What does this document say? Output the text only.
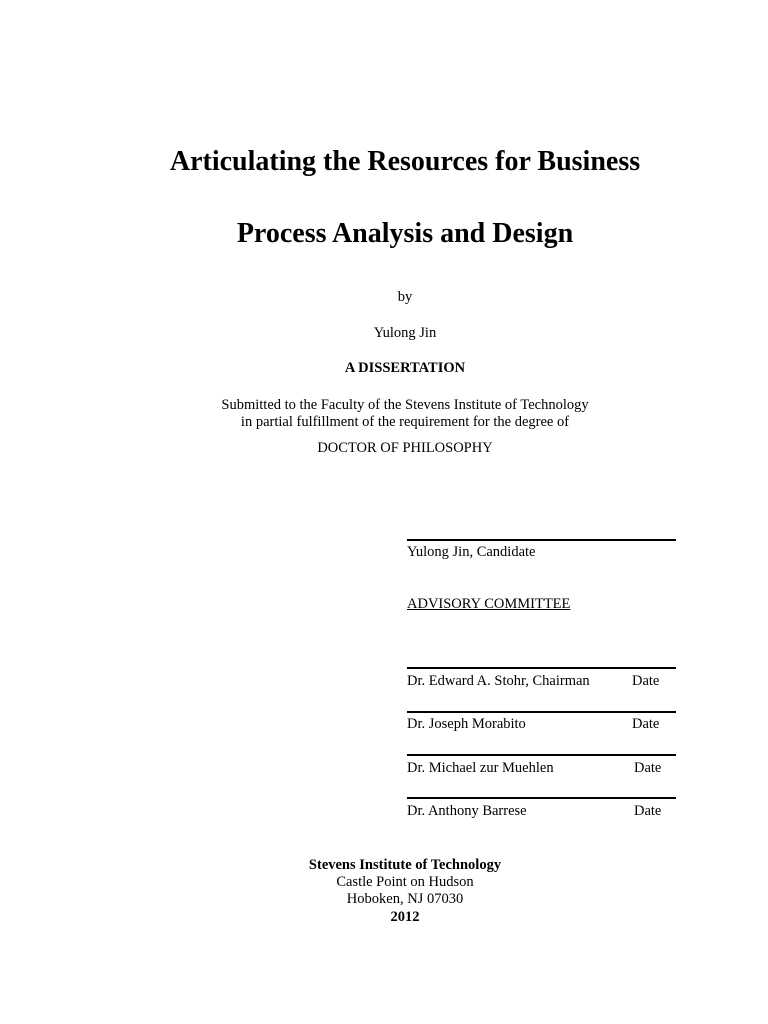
Articulating the Resources for Business
Process Analysis and Design
by
Yulong Jin
A DISSERTATION
Submitted to the Faculty of the Stevens Institute of Technology
in partial fulfillment of the requirement for the degree of
DOCTOR OF PHILOSOPHY
Yulong Jin, Candidate
ADVISORY COMMITTEE
Dr. Edward A. Stohr, Chairman	Date
Dr. Joseph Morabito	Date
Dr. Michael zur Muehlen	Date
Dr. Anthony Barrese	Date
Stevens Institute of Technology
Castle Point on Hudson
Hoboken, NJ 07030
2012
